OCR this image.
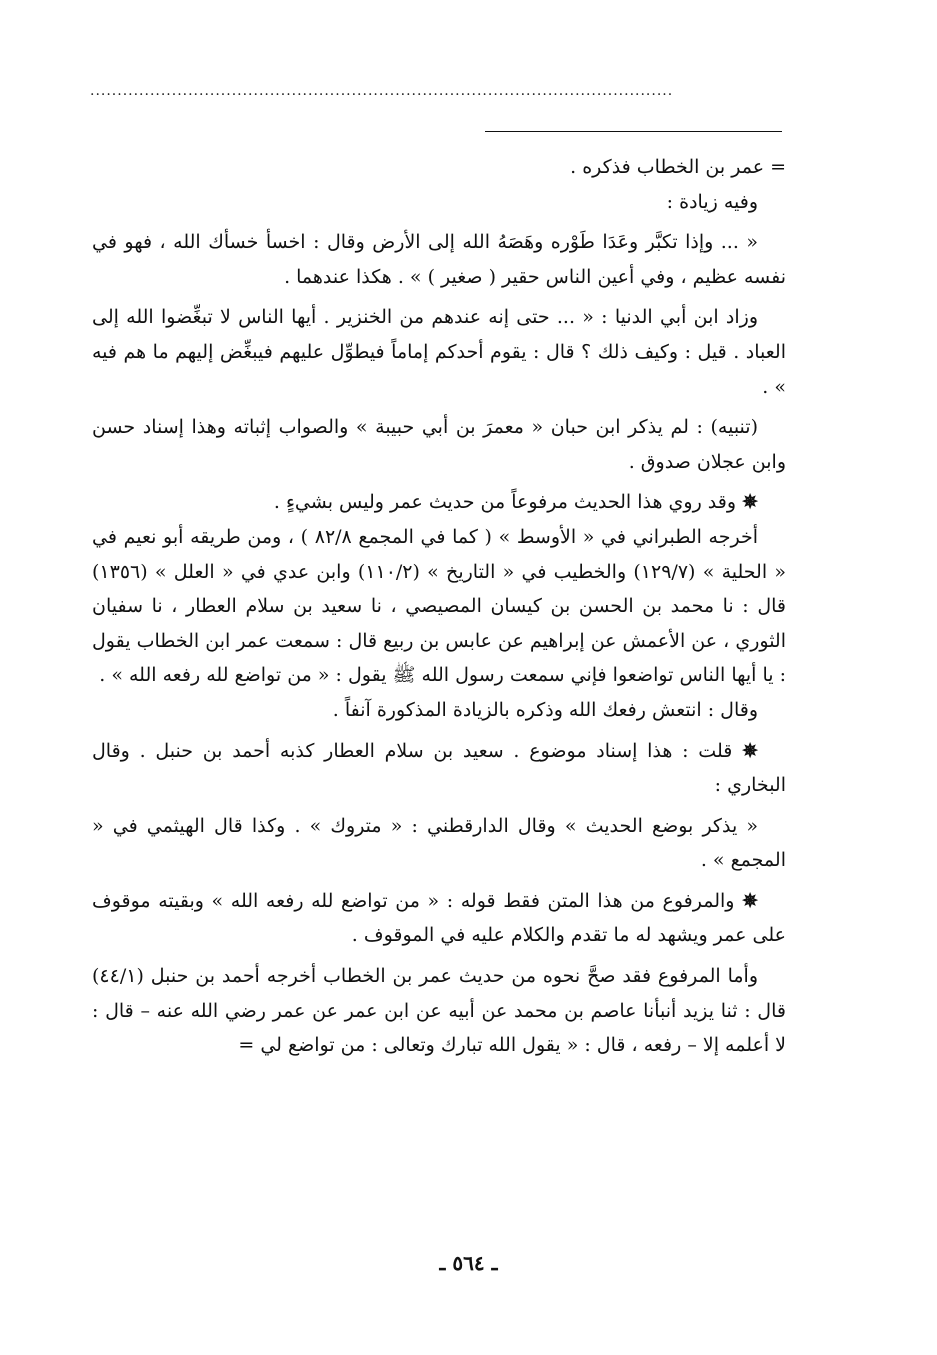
...........................................................................................................

= عمر بن الخطاب فذكره .

وفيه زيادة :

« ... وإذا تكبَّر وعَدَا طَوْره وهَصَهُ الله إلى الأرض وقال : اخسأ خسأك الله ، فهو في نفسه عظيم ، وفي أعين الناس حقير ( صغير ) » . هكذا عندهما .

وزاد ابن أبي الدنيا : « ... حتى إنه عندهم من الخنزير . أيها الناس لا تبغِّضوا الله إلى العباد . قيل : وكيف ذلك ؟ قال : يقوم أحدكم إماماً فيطوِّل عليهم فيبغِّض إليهم ما هم فيه » .

(تنبيه) : لم يذكر ابن حبان « معمرَ بن أبي حبيبة » والصواب إثباته وهذا إسناد حسن وابن عجلان صدوق .

✵ وقد روي هذا الحديث مرفوعاً من حديث عمر وليس بشيءٍ .

أخرجه الطبراني في « الأوسط » ( كما في المجمع ٨٢/٨ ) ، ومن طريقه أبو نعيم في « الحلية » (١٢٩/٧) والخطيب في « التاريخ » (١١٠/٢) وابن عدي في « العلل » (١٣٥٦) قال : نا محمد بن الحسن بن كيسان المصيصي ، نا سعيد بن سلام العطار ، نا سفيان الثوري ، عن الأعمش عن إبراهيم عن عابس بن ربيع قال : سمعت عمر ابن الخطاب يقول : يا أيها الناس تواضعوا فإني سمعت رسول الله ﷺ يقول : « من تواضع لله رفعه الله » .

وقال : انتعش رفعك الله وذكره بالزيادة المذكورة آنفاً .

✵ قلت : هذا إسناد موضوع . سعيد بن سلام العطار كذبه أحمد بن حنبل . وقال البخاري :

« يذكر بوضع الحديث » وقال الدارقطني : « متروك » . وكذا قال الهيثمي في « المجمع » .

✵ والمرفوع من هذا المتن فقط قوله : « من تواضع لله رفعه الله » وبقيته موقوف على عمر ويشهد له ما تقدم والكلام عليه في الموقوف .

وأما المرفوع فقد صحَّ نحوه من حديث عمر بن الخطاب أخرجه أحمد بن حنبل (٤٤/١) قال : ثنا يزيد أنبأنا عاصم بن محمد عن أبيه عن ابن عمر عن عمر رضي الله عنه – قال : لا أعلمه إلا – رفعه ، قال : « يقول الله تبارك وتعالى : من تواضع لي =

ـ ٥٦٤ ـ
